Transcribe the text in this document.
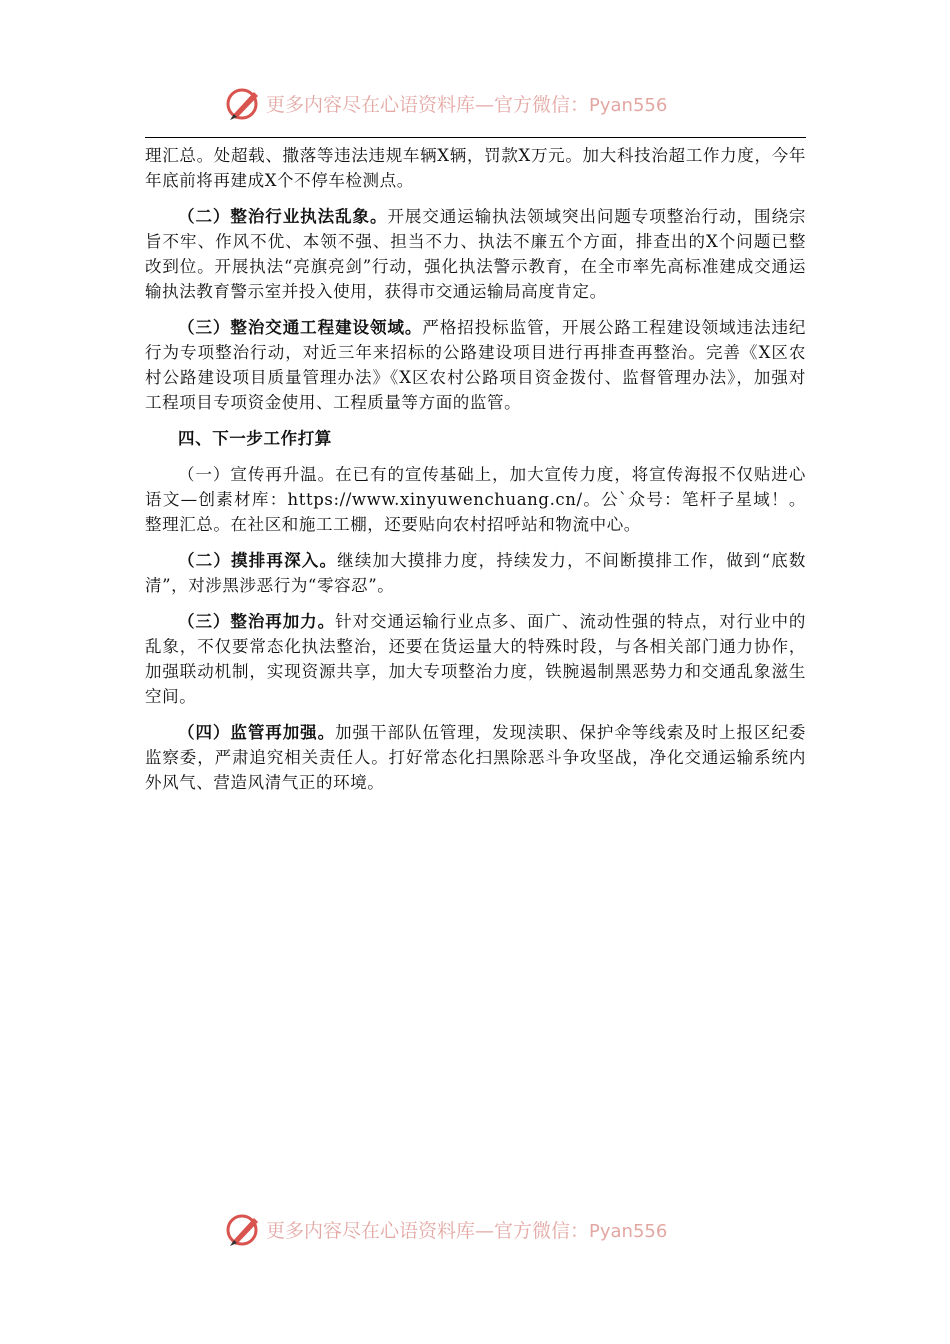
更多内容尽在心语资料库—官方微信：Pyan556

理汇总。处超载、撒落等违法违规车辆X辆，罚款X万元。加大科技治超工作力度，今年年底前将再建成X个不停车检测点。

（二）整治行业执法乱象。开展交通运输执法领域突出问题专项整治行动，围绕宗旨不牢、作风不优、本领不强、担当不力、执法不廉五个方面，排查出的X个问题已整改到位。开展执法“亮旗亮剑”行动，强化执法警示教育，在全市率先高标准建成交通运输执法教育警示室并投入使用，获得市交通运输局高度肯定。

（三）整治交通工程建设领域。严格招投标监管，开展公路工程建设领域违法违纪行为专项整治行动，对近三年来招标的公路建设项目进行再排查再整治。完善《X区农村公路建设项目质量管理办法》《X区农村公路项目资金拨付、监督管理办法》，加强对工程项目专项资金使用、工程质量等方面的监管。

四、下一步工作打算

（一）宣传再升温。在已有的宣传基础上，加大宣传力度，将宣传海报不仅贴进心语文—创素材库：https://www.xinyuwenchuang.cn/。公`众号：笔杆子星域！。整理汇总。在社区和施工工棚，还要贴向农村招呼站和物流中心。

（二）摸排再深入。继续加大摸排力度，持续发力，不间断摸排工作，做到“底数清”，对涉黑涉恶行为“零容忍”。

（三）整治再加力。针对交通运输行业点多、面广、流动性强的特点，对行业中的乱象，不仅要常态化执法整治，还要在货运量大的特殊时段，与各相关部门通力协作，加强联动机制，实现资源共享，加大专项整治力度，铁腕遏制黑恶势力和交通乱象滋生空间。

（四）监管再加强。加强干部队伍管理，发现渎职、保护伞等线索及时上报区纪委监察委，严肃追究相关责任人。打好常态化扫黑除恶斗争攻坚战，净化交通运输系统内外风气、营造风清气正的环境。

更多内容尽在心语资料库—官方微信：Pyan556
